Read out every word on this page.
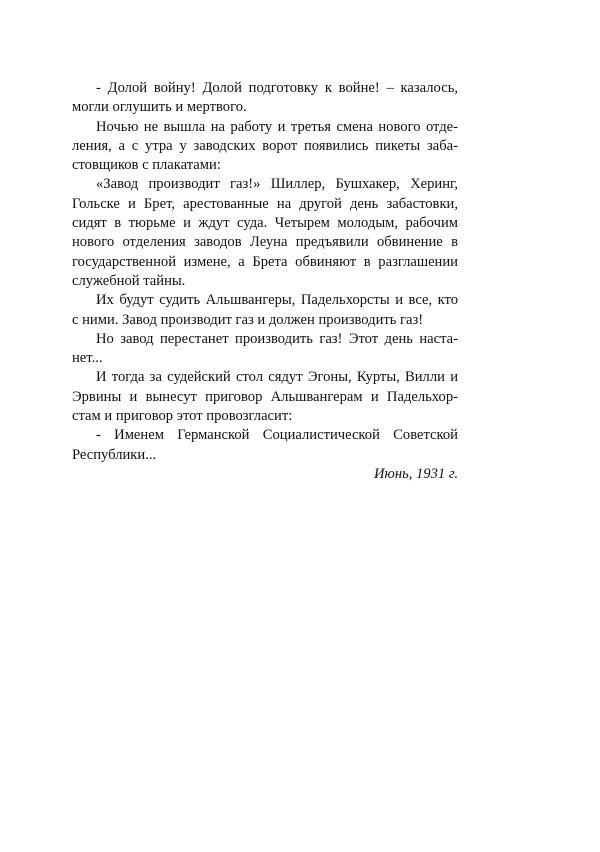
- Долой войну! Долой подготовку к войне! – казалось,
могли оглушить и мертвого.
Ночью не вышла на работу и третья смена нового отде-
ления, а с утра у заводских ворот появились пикеты заба-
стовщиков с плакатами:
«Завод производит газ!» Шиллер, Бушхакер, Херинг,
Гольске и Брет, арестованные на другой день забастовки,
сидят в тюрьме и ждут суда. Четырем молодым, рабочим
нового отделения заводов Леуна предъявили обвинение в
государственной измене, а Брета обвиняют в разглашении
служебной тайны.
Их будут судить Альшвангеры, Падельхорсты и все, кто
с ними. Завод производит газ и должен производить газ!
Но завод перестанет производить газ! Этот день наста-
нет...
И тогда за судейский стол сядут Эгоны, Курты, Вилли и
Эрвины и вынесут приговор Альшвангерам и Падельхор-
стам и приговор этот провозгласит:
- Именем Германской Социалистической Советской
Республики...
Июнь, 1931 г.
